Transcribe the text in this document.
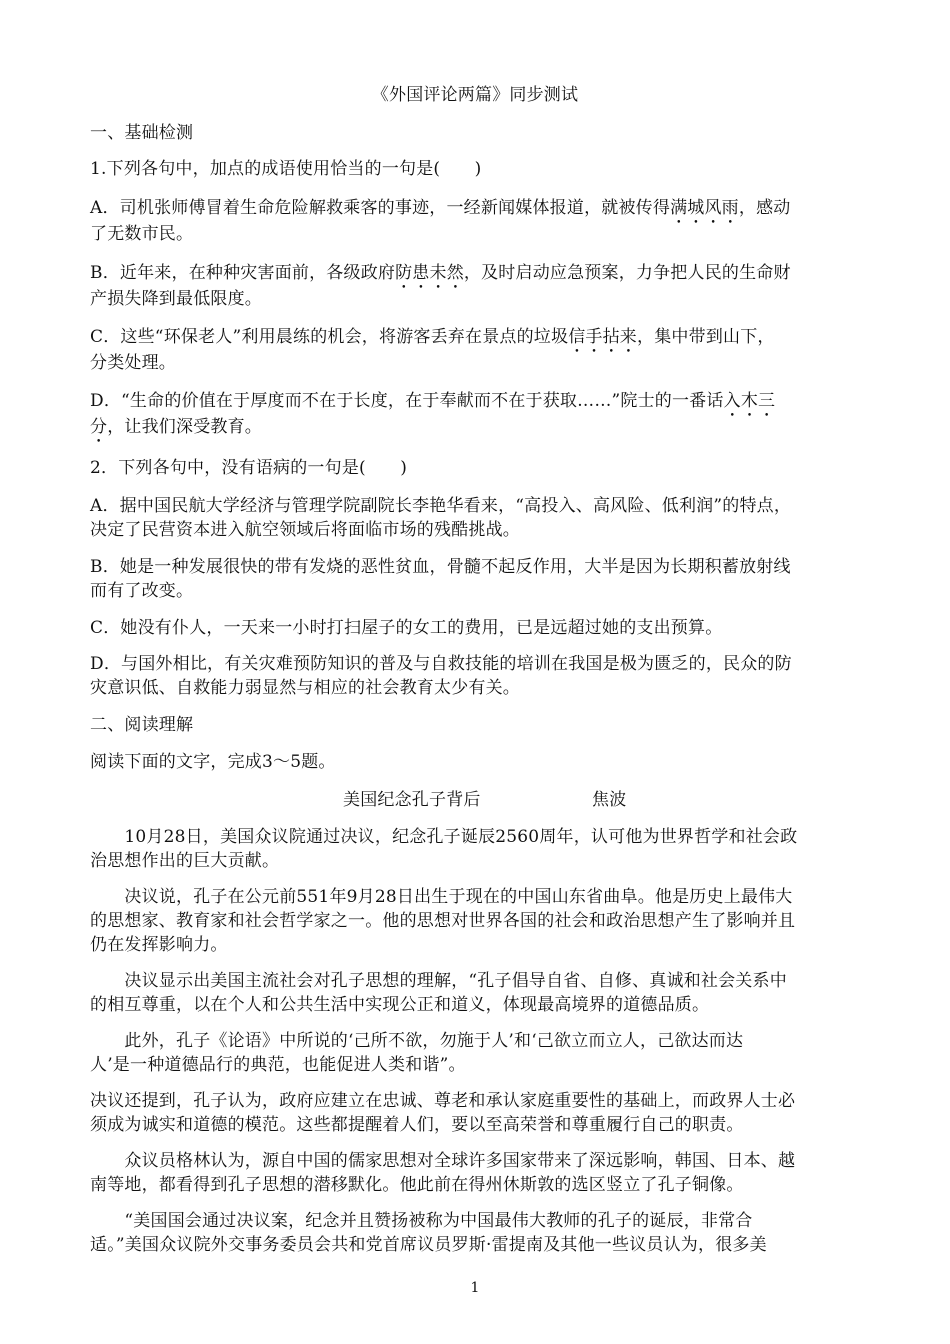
《外国评论两篇》同步测试
一、基础检测
1.下列各句中，加点的成语使用恰当的一句是(　　)
A．司机张师傅冒着生命危险解救乘客的事迹，一经新闻媒体报道，就被传得满城风雨，感动
了无数市民。
B．近年来，在种种灾害面前，各级政府防患未然，及时启动应急预案，力争把人民的生命财
产损失降到最低限度。
C．这些“环保老人”利用晨练的机会，将游客丢弃在景点的垃圾信手拈来，集中带到山下，
分类处理。
D．“生命的价值在于厚度而不在于长度，在于奉献而不在于获取……”院士的一番话入木三
分，让我们深受教育。
2．下列各句中，没有语病的一句是(　　)
A．据中国民航大学经济与管理学院副院长李艳华看来，“高投入、高风险、低利润”的特点，
决定了民营资本进入航空领域后将面临市场的残酷挑战。
B．她是一种发展很快的带有发烧的恶性贫血，骨髓不起反作用，大半是因为长期积蓄放射线
而有了改变。
C．她没有仆人，一天来一小时打扫屋子的女工的费用，已是远超过她的支出预算。
D．与国外相比，有关灾难预防知识的普及与自救技能的培训在我国是极为匮乏的，民众的防
灾意识低、自救能力弱显然与相应的社会教育太少有关。
二、阅读理解
阅读下面的文字，完成3～5题。
美国纪念孔子背后	焦波
　　10月28日，美国众议院通过决议，纪念孔子诞辰2560周年，认可他为世界哲学和社会政
治思想作出的巨大贡献。
　　决议说，孔子在公元前551年9月28日出生于现在的中国山东省曲阜。他是历史上最伟大
的思想家、教育家和社会哲学家之一。他的思想对世界各国的社会和政治思想产生了影响并且
仍在发挥影响力。
　　决议显示出美国主流社会对孔子思想的理解，“孔子倡导自省、自修、真诚和社会关系中
的相互尊重，以在个人和公共生活中实现公正和道义，体现最高境界的道德品质。
　　此外，孔子《论语》中所说的‘己所不欲，勿施于人’和‘己欲立而立人，己欲达而达
人’是一种道德品行的典范，也能促进人类和谐”。
决议还提到，孔子认为，政府应建立在忠诚、尊老和承认家庭重要性的基础上，而政界人士必
须成为诚实和道德的模范。这些都提醒着人们，要以至高荣誉和尊重履行自己的职责。
　　众议员格林认为，源自中国的儒家思想对全球许多国家带来了深远影响，韩国、日本、越
南等地，都看得到孔子思想的潜移默化。他此前在得州休斯敦的选区竖立了孔子铜像。
　　“美国国会通过决议案，纪念并且赞扬被称为中国最伟大教师的孔子的诞辰，非常合
适。”美国众议院外交事务委员会共和党首席议员罗斯·雷提南及其他一些议员认为，很多美
1
